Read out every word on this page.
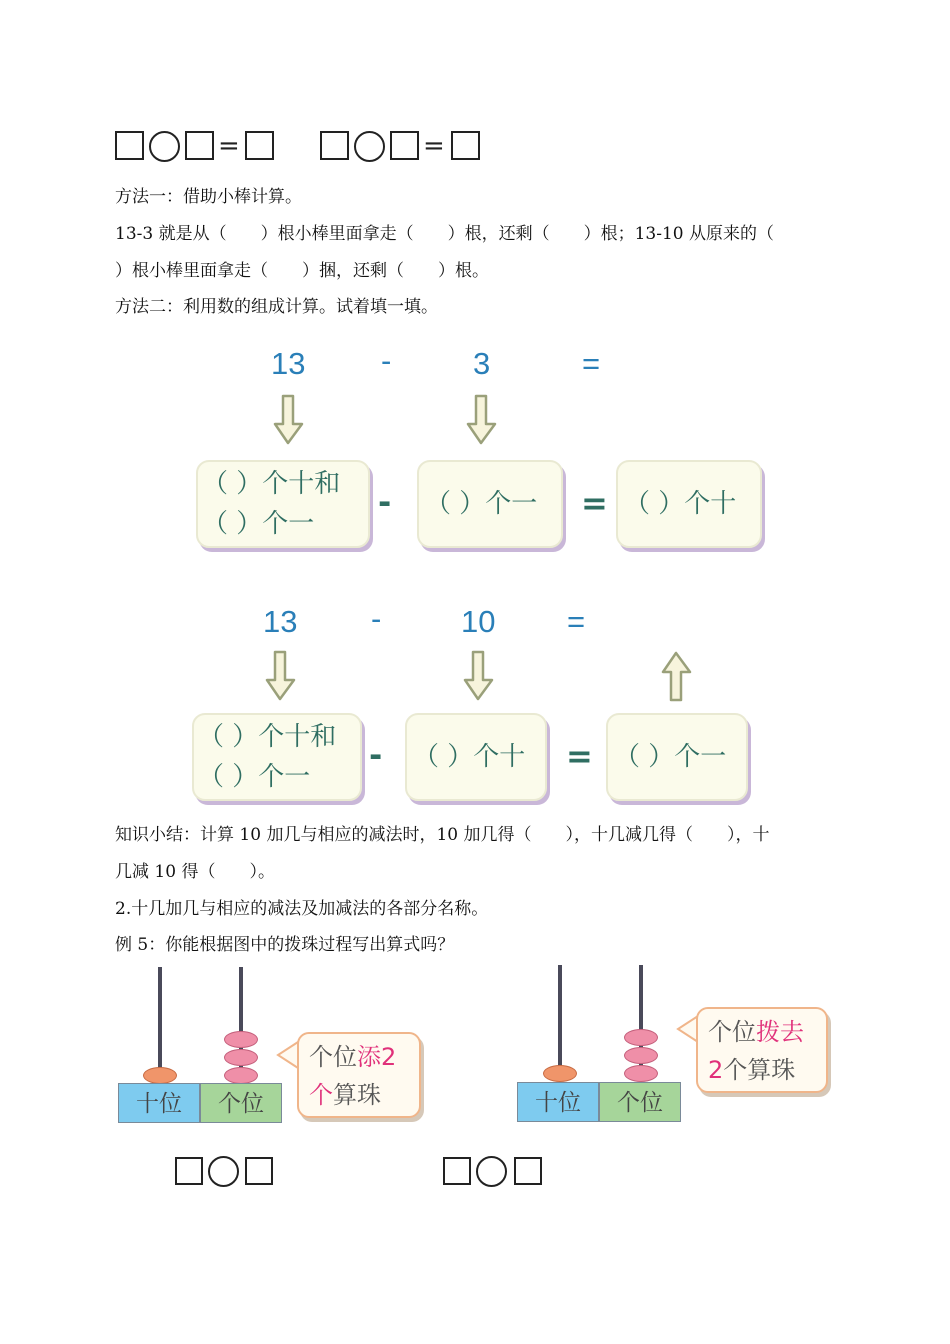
=	=
方法一：借助小棒计算。
13-3 就是从（　　）根小棒里面拿走（　　）根，还剩（　　）根；13-10 从原来的（
）根小棒里面拿走（　　）捆，还剩（　　）根。
方法二：利用数的组成计算。试着填一填。
13 -	3	=
（ ）个十和
（ ）个一
- （ ）个一 = （ ）个十
13 -	10 =
（ ）个十和
（ ）个一
- （ ）个十 = （ ）个一
知识小结：计算 10 加几与相应的减法时，10 加几得（　　），十几减几得（　　），十
几减 10 得（　　）。
2.十几加几与相应的减法及加减法的各部分名称。
例 5：你能根据图中的拨珠过程写出算式吗？
十位	个位
个位添2
个算珠	十位	个位
个位拨去
2个算珠
